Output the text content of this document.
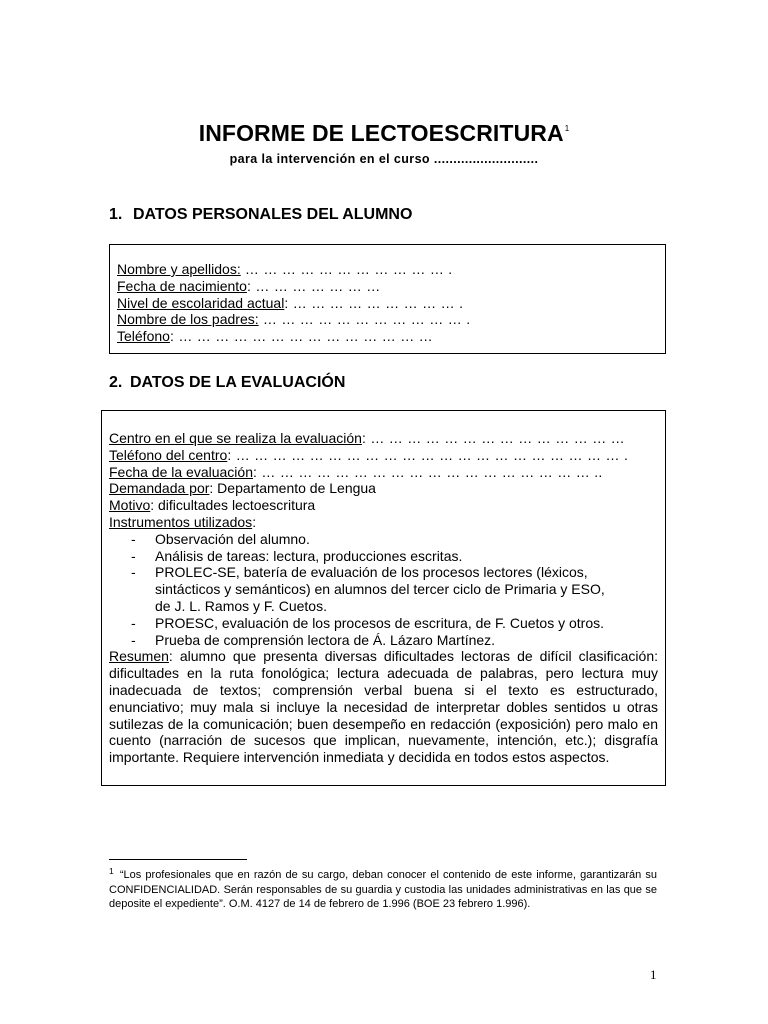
INFORME DE LECTOESCRITURA$^1$
para la intervención en el curso ...........................
1. DATOS PERSONALES DEL ALUMNO
Nombre y apellidos: … … … … … … … … … … … .
Fecha de nacimiento: … … … … … … …
Nivel de escolaridad actual: … … … … … … … … … .
Nombre de los padres: … … … … … … … … … … … .
Teléfono: … … … … … … … … … … … … … …
2. DATOS DE LA EVALUACIÓN
Centro en el que se realiza la evaluación: … … … … … … … … … … … … … …
Teléfono del centro: … … … … … … … … … … … … … … … … … … … … … .
Fecha de la evaluación: … … … … … … … … … … … … … … … … … … ..
Demandada por: Departamento de Lengua
Motivo: dificultades lectoescritura
Instrumentos utilizados:
- Observación del alumno.
- Análisis de tareas: lectura, producciones escritas.
- PROLEC-SE, batería de evaluación de los procesos lectores (léxicos,
sintácticos y semánticos) en alumnos del tercer ciclo de Primaria y ESO,
de J. L. Ramos y F. Cuetos.
- PROESC, evaluación de los procesos de escritura, de F. Cuetos y otros.
- Prueba de comprensión lectora de Á. Lázaro Martínez.
Resumen: alumno que presenta diversas dificultades lectoras de difícil clasificación: dificultades en la ruta fonológica; lectura adecuada de palabras, pero lectura muy inadecuada de textos; comprensión verbal buena si el texto es estructurado, enunciativo; muy mala si incluye la necesidad de interpretar dobles sentidos u otras sutilezas de la comunicación; buen desempeño en redacción (exposición) pero malo en cuento (narración de sucesos que implican, nuevamente, intención, etc.); disgrafía importante. Requiere intervención inmediata y decidida en todos estos aspectos.
$^1$ “Los profesionales que en razón de su cargo, deban conocer el contenido de este informe, garantizarán su CONFIDENCIALIDAD. Serán responsables de su guardia y custodia las unidades administrativas en las que se deposite el expediente”. O.M. 4127 de 14 de febrero de 1.996 (BOE 23 febrero 1.996).
1
